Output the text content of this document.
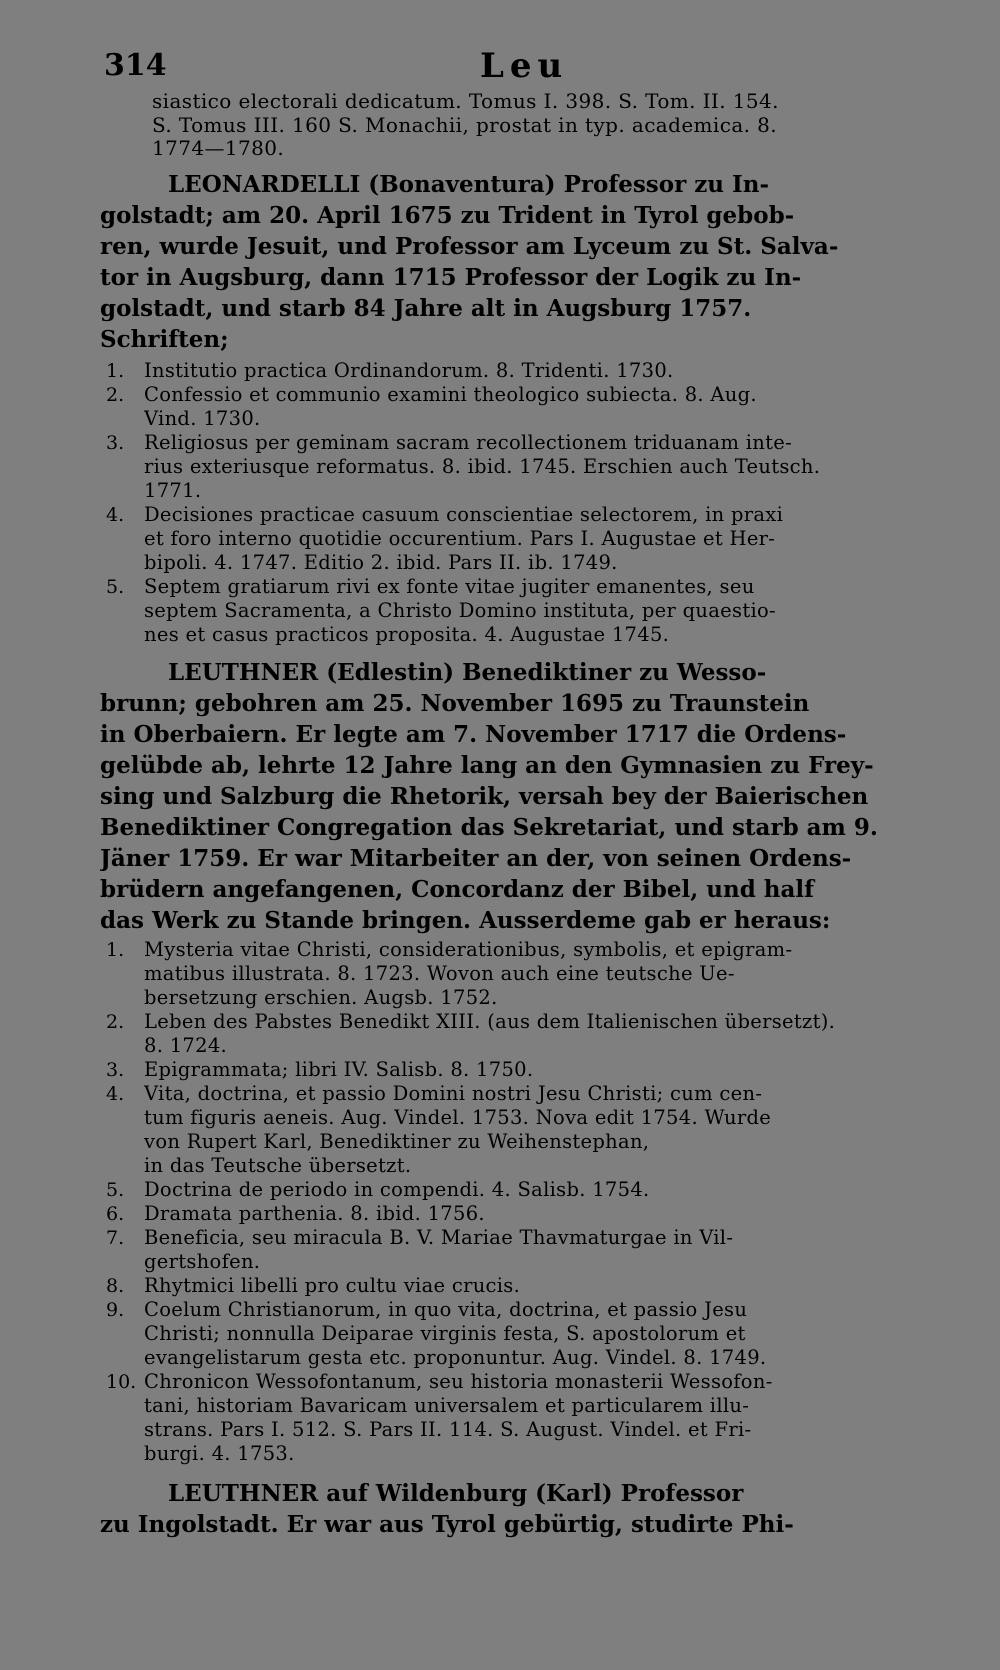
314	Leu

siastico electorali dedicatum. Tomus I. 398. S. Tom. II. 154.
S. Tomus III. 160 S. Monachii, prostat in typ. academica. 8.
1774—1780.

LEONARDELLI (Bonaventura) Professor zu In-
golstadt; am 20. April 1675 zu Trident in Tyrol gebob-
ren, wurde Jesuit, und Professor am Lyceum zu St. Salva-
tor in Augsburg, dann 1715 Professor der Logik zu In-
golstadt, und starb 84 Jahre alt in Augsburg 1757.
Schriften;

1. Institutio practica Ordinandorum. 8. Tridenti. 1730.
2. Confessio et communio examini theologico subiecta. 8. Aug.
Vind. 1730.
3. Religiosus per geminam sacram recollectionem triduanam inte-
rius exteriusque reformatus. 8. ibid. 1745. Erschien auch Teutsch.
1771.
4. Decisiones practicae casuum conscientiae selectorem, in praxi
et foro interno quotidie occurentium. Pars I. Augustae et Her-
bipoli. 4. 1747. Editio 2. ibid. Pars II. ib. 1749.
5. Septem gratiarum rivi ex fonte vitae jugiter emanentes, seu
septem Sacramenta, a Christo Domino instituta, per quaestio-
nes et casus practicos proposita. 4. Augustae 1745.

LEUTHNER (Edlestin) Benediktiner zu Wesso-
brunn; gebohren am 25. November 1695 zu Traunstein
in Oberbaiern. Er legte am 7. November 1717 die Ordens-
gelübde ab, lehrte 12 Jahre lang an den Gymnasien zu Frey-
sing und Salzburg die Rhetorik, versah bey der Baierischen
Benediktiner Congregation das Sekretariat, und starb am 9.
Jäner 1759. Er war Mitarbeiter an der, von seinen Ordens-
brüdern angefangenen, Concordanz der Bibel, und half
das Werk zu Stande bringen. Ausserdeme gab er heraus:

1. Mysteria vitae Christi, considerationibus, symbolis, et epigram-
matibus illustrata. 8. 1723. Wovon auch eine teutsche Ue-
bersetzung erschien. Augsb. 1752.
2. Leben des Pabstes Benedikt XIII. (aus dem Italienischen übersetzt).
8. 1724.
3. Epigrammata; libri IV. Salisb. 8. 1750.
4. Vita, doctrina, et passio Domini nostri Jesu Christi; cum cen-
tum figuris aeneis. Aug. Vindel. 1753. Nova edit 1754. Wurde
von Rupert Karl, Benediktiner zu Weihenstephan,
in das Teutsche übersetzt.
5. Doctrina de periodo in compendi. 4. Salisb. 1754.
6. Dramata parthenia. 8. ibid. 1756.
7. Beneficia, seu miracula B. V. Mariae Thavmaturgae in Vil-
gertshofen.
8. Rhytmici libelli pro cultu viae crucis.
9. Coelum Christianorum, in quo vita, doctrina, et passio Jesu
Christi; nonnulla Deiparae virginis festa, S. apostolorum et
evangelistarum gesta etc. proponuntur. Aug. Vindel. 8. 1749.
10. Chronicon Wessofontanum, seu historia monasterii Wessofon-
tani, historiam Bavaricam universalem et particularem illu-
strans. Pars I. 512. S. Pars II. 114. S. August. Vindel. et Fri-
burgi. 4. 1753.

LEUTHNER auf Wildenburg (Karl) Professor
zu Ingolstadt. Er war aus Tyrol gebürtig, studirte Phi-
